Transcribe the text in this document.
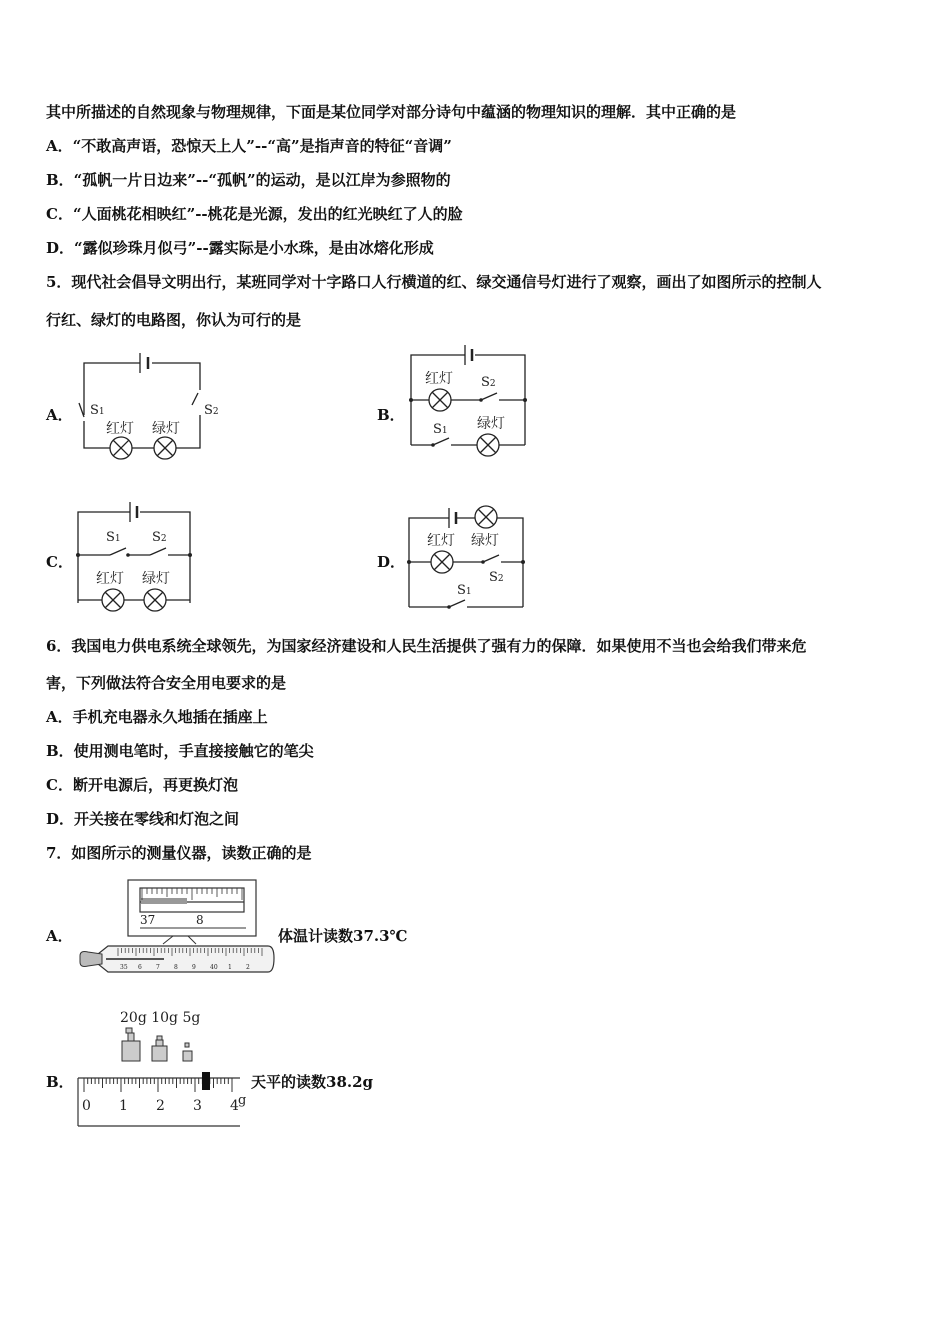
其中所描述的自然现象与物理规律，下面是某位同学对部分诗句中蕴涵的物理知识的理解．其中正确的是
A．“不敢高声语，恐惊天上人”--“高”是指声音的特征“音调”
B．“孤帆一片日边来”--“孤帆”的运动，是以江岸为参照物的
C．“人面桃花相映红”--桃花是光源，发出的红光映红了人的脸
D．“露似珍珠月似弓”--露实际是小水珠，是由冰熔化形成
5．现代社会倡导文明出行，某班同学对十字路口人行横道的红、绿交通信号灯进行了观察，画出了如图所示的控制人
行红、绿灯的电路图，你认为可行的是
A．	B．
C．	D．
S1	S2
红灯 绿灯
红灯 S2
S1 绿灯
S1 S2
红灯 绿灯
红灯 绿灯
S2
S1
6．我国电力供电系统全球领先，为国家经济建设和人民生活提供了强有力的保障．如果使用不当也会给我们带来危
害，下列做法符合安全用电要求的是
A．手机充电器永久地插在插座上
B．使用测电笔时，手直接接触它的笔尖
C．断开电源后，再更换灯泡
D．开关接在零线和灯泡之间
7．如图所示的测量仪器，读数正确的是
A．
37	8
35 6 7 8 9 40 1 2
体温计读数37.3℃
B．
20g 10g 5g
0 1 2 3 4 g
天平的读数38.2g
